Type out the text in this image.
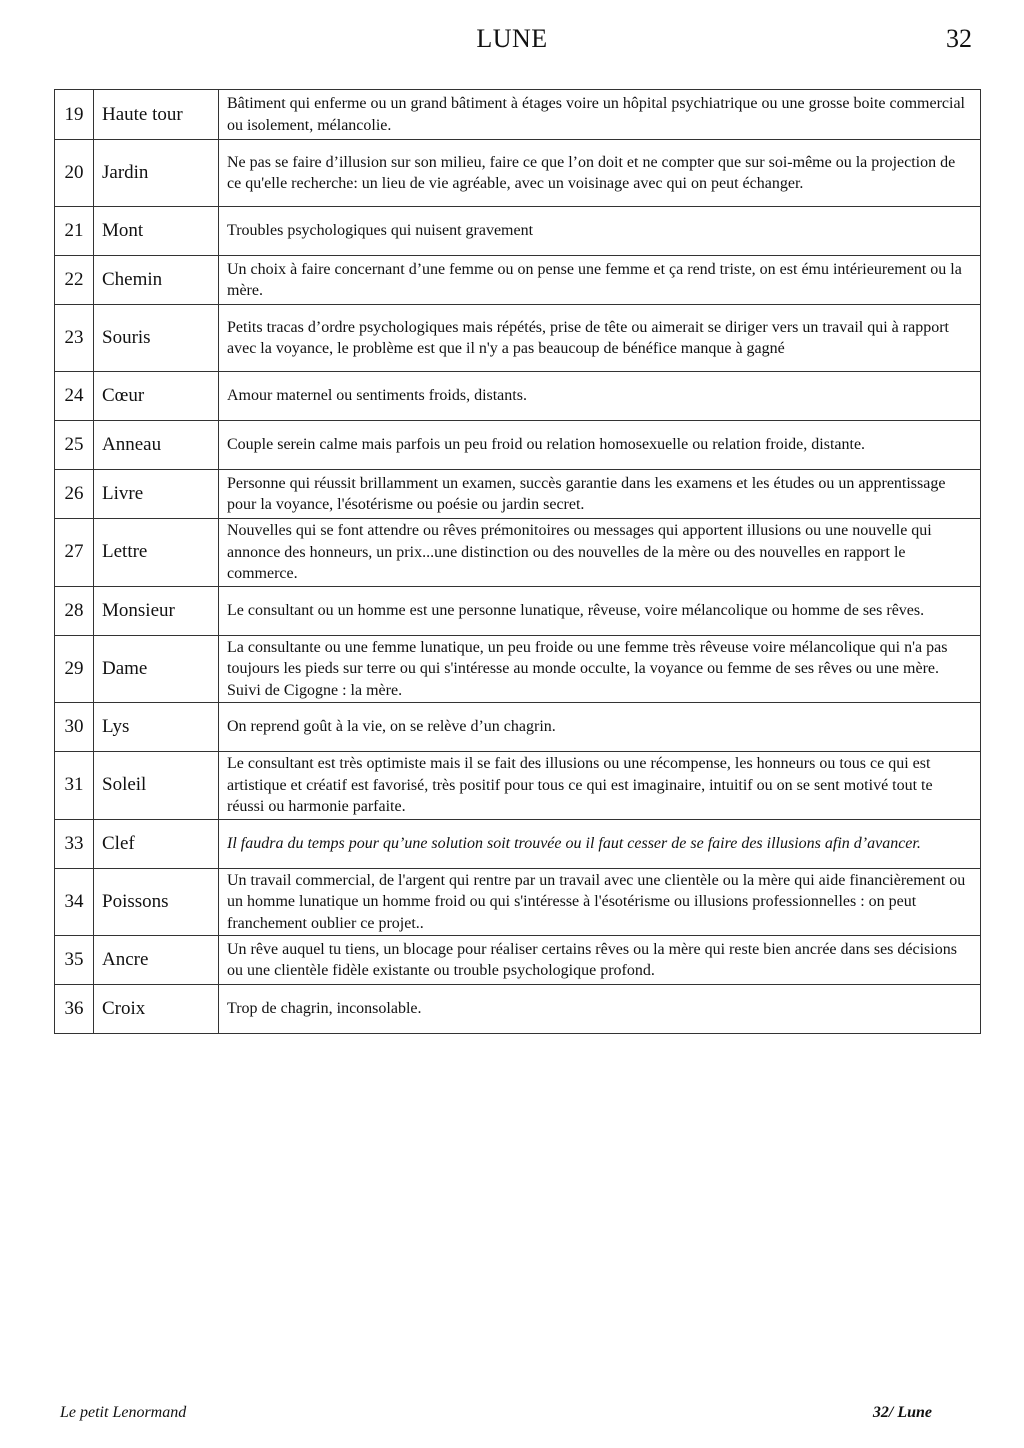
LUNE	32
19	Haute tour	Bâtiment qui enferme ou un grand bâtiment à étages voire un hôpital psychiatrique ou une grosse boite commercial ou isolement, mélancolie.
20	Jardin	Ne pas se faire d’illusion sur son milieu, faire ce que l’on doit et ne compter que sur soi-même ou la projection de ce qu'elle recherche: un lieu de vie agréable, avec un voisinage avec qui on peut échanger.
21	Mont	Troubles psychologiques qui nuisent gravement
22	Chemin	Un choix à faire concernant d’une femme ou on pense une femme et ça rend triste, on est ému intérieurement ou la mère.
23	Souris	Petits tracas d’ordre psychologiques mais répétés, prise de tête ou aimerait se diriger vers un travail qui à rapport avec la voyance, le problème est que il n'y a pas beaucoup de bénéfice manque à gagné
24	Cœur	Amour maternel ou sentiments froids, distants.
25	Anneau	Couple serein calme mais parfois un peu froid ou relation homosexuelle ou relation froide, distante.
26	Livre	Personne qui réussit brillamment un examen, succès garantie dans les examens et les études ou un apprentissage pour la voyance, l'ésotérisme ou poésie ou jardin secret.
27	Lettre	Nouvelles qui se font attendre ou rêves prémonitoires ou messages qui apportent illusions ou une nouvelle qui annonce des honneurs, un prix...une distinction ou des nouvelles de la mère ou des nouvelles en rapport le commerce.
28	Monsieur	Le consultant ou un homme est une personne lunatique, rêveuse, voire mélancolique ou homme de ses rêves.
29	Dame	La consultante ou une femme lunatique, un peu froide ou une femme très rêveuse voire mélancolique qui n'a pas toujours les pieds sur terre ou qui s'intéresse au monde occulte, la voyance ou femme de ses rêves ou une mère. Suivi de Cigogne : la mère.
30	Lys	On reprend goût à la vie, on se relève d’un chagrin.
31	Soleil	Le consultant est très optimiste mais il se fait des illusions ou une récompense, les honneurs ou tous ce qui est artistique et créatif est favorisé, très positif pour tous ce qui est imaginaire, intuitif ou on se sent motivé tout te réussi ou harmonie parfaite.
33	Clef	Il faudra du temps pour qu’une solution soit trouvée ou il faut cesser de se faire des illusions afin d’avancer.
34	Poissons	Un travail commercial, de l'argent qui rentre par un travail avec une clientèle ou la mère qui aide financièrement ou un homme lunatique un homme froid ou qui s'intéresse à l'ésotérisme ou illusions professionnelles : on peut franchement oublier ce projet..
35	Ancre	Un rêve auquel tu tiens, un blocage pour réaliser certains rêves ou la mère qui reste bien ancrée dans ses décisions ou une clientèle fidèle existante ou trouble psychologique profond.
36	Croix	Trop de chagrin, inconsolable.
Le petit Lenormand	32/ Lune
